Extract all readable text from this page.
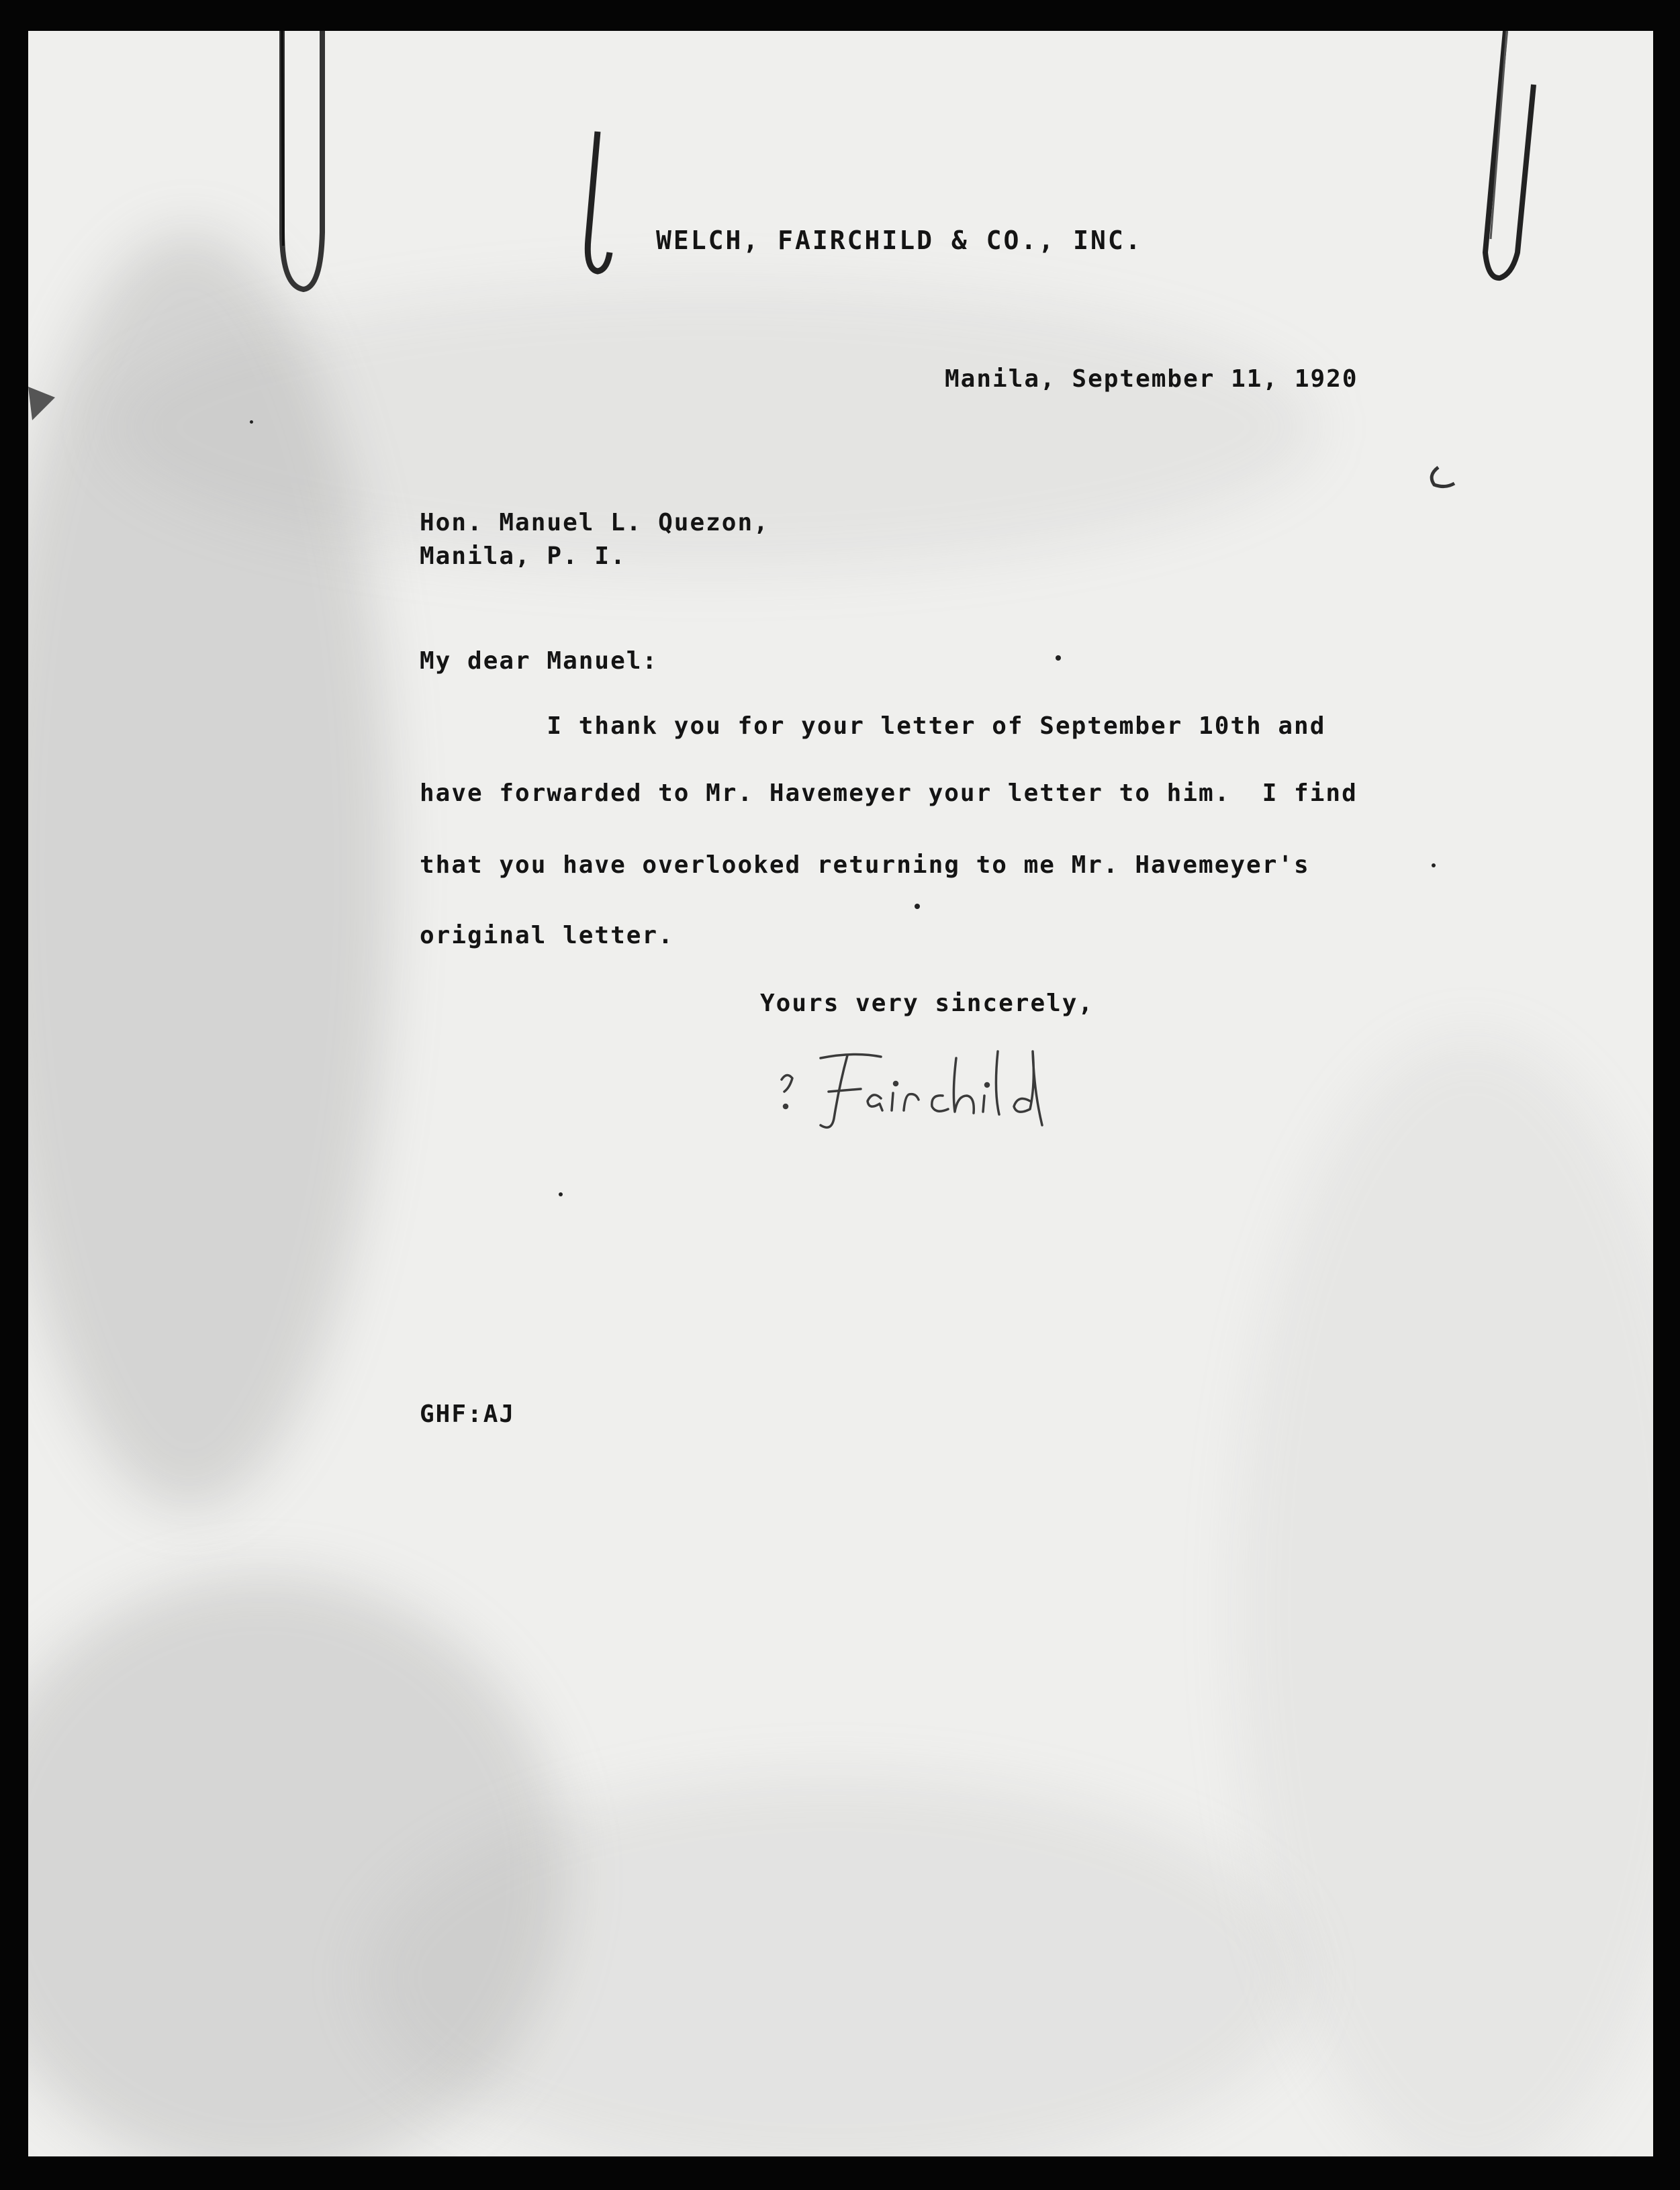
WELCH, FAIRCHILD & CO., INC.

Manila, September 11, 1920

Hon. Manuel L. Quezon,

Manila, P. I.

My dear Manuel:

I thank you for your letter of September 10th and

have forwarded to Mr. Havemeyer your letter to him.  I find

that you have overlooked returning to me Mr. Havemeyer's

original letter.

Yours very sincerely,

GHF:AJ
